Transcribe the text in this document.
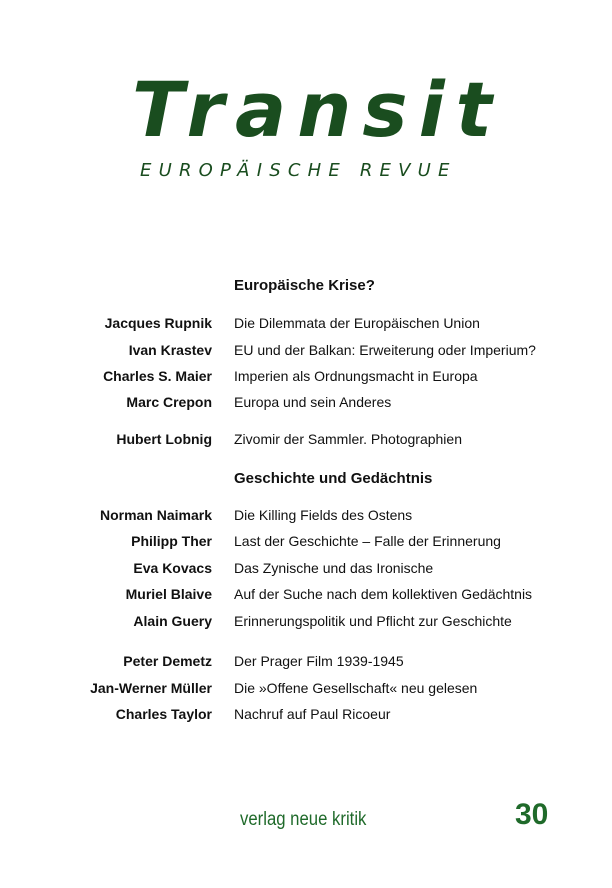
Transit
EUROPÄISCHE REVUE
Europäische Krise?
Jacques Rupnik Die Dilemmata der Europäischen Union
Ivan Krastev EU und der Balkan: Erweiterung oder Imperium?
Charles S. Maier Imperien als Ordnungsmacht in Europa
Marc Crepon Europa und sein Anderes
Hubert Lobnig Zivomir der Sammler. Photographien
Geschichte und Gedächtnis
Norman Naimark Die Killing Fields des Ostens
Philipp Ther Last der Geschichte – Falle der Erinnerung
Eva Kovacs Das Zynische und das Ironische
Muriel Blaive Auf der Suche nach dem kollektiven Gedächtnis
Alain Guery Erinnerungspolitik und Pflicht zur Geschichte
Peter Demetz Der Prager Film 1939-1945
Jan-Werner Müller Die »Offene Gesellschaft« neu gelesen
Charles Taylor Nachruf auf Paul Ricoeur
verlag neue kritik	30
